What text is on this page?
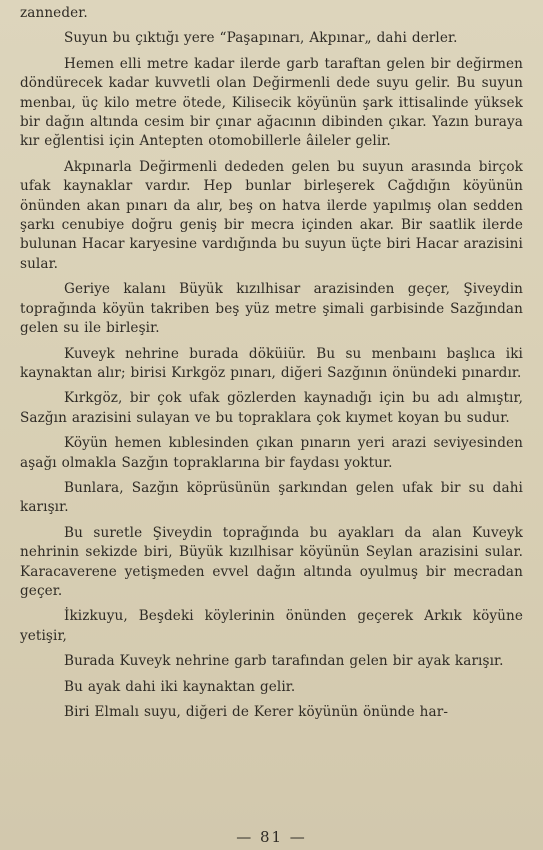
zanneder.

Suyun bu çıktığı yere “Paşapınarı, Akpınar„ dahi derler.

Hemen elli metre kadar ilerde garb taraftan gelen bir değirmen döndürecek kadar kuvvetli olan Değirmenli dede suyu gelir. Bu suyun menbaı, üç kilo metre ötede, Kilisecik köyünün şark ittisalinde yüksek bir dağın altında cesim bir çınar ağacının dibinden çıkar. Yazın buraya kır eğlentisi için Antepten otomobillerle âileler gelir.

Akpınarla Değirmenli dededen gelen bu suyun arasında birçok ufak kaynaklar vardır. Hep bunlar birleşerek Cağdığın köyünün önünden akan pınarı da alır, beş on hatva ilerde yapılmış olan sedden şarkı cenubiye doğru geniş bir mecra içinden akar. Bir saatlik ilerde bulunan Hacar karyesine vardığında bu suyun üçte biri Hacar arazisini sular.

Geriye kalanı Büyük kızılhisar arazisinden geçer, Şiveydin toprağında köyün takriben beş yüz metre şimali garbisinde Sazğından gelen su ile birleşir.

Kuveyk nehrine burada döküiür. Bu su menbaını başlıca iki kaynaktan alır; birisi Kırkgöz pınarı, diğeri Sazğının önündeki pınardır.

Kırkgöz, bir çok ufak gözlerden kaynadığı için bu adı almıştır, Sazğın arazisini sulayan ve bu topraklara çok kıymet koyan bu sudur.

Köyün hemen kıblesinden çıkan pınarın yeri arazi seviyesinden aşağı olmakla Sazğın topraklarına bir faydası yoktur.

Bunlara, Sazğın köprüsünün şarkından gelen ufak bir su dahi karışır.

Bu suretle Şiveydin toprağında bu ayakları da alan Kuveyk nehrinin sekizde biri, Büyük kızılhisar köyünün Seylan arazisini sular. Karacaverene yetişmeden evvel dağın altında oyulmuş bir mecradan geçer.

İkizkuyu, Beşdeki köylerinin önünden geçerek Arkık köyüne yetişir,

Burada Kuveyk nehrine garb tarafından gelen bir ayak karışır.

Bu ayak dahi iki kaynaktan gelir.

Biri Elmalı suyu, diğeri de Kerer köyünün önünde har-

— 81 —
